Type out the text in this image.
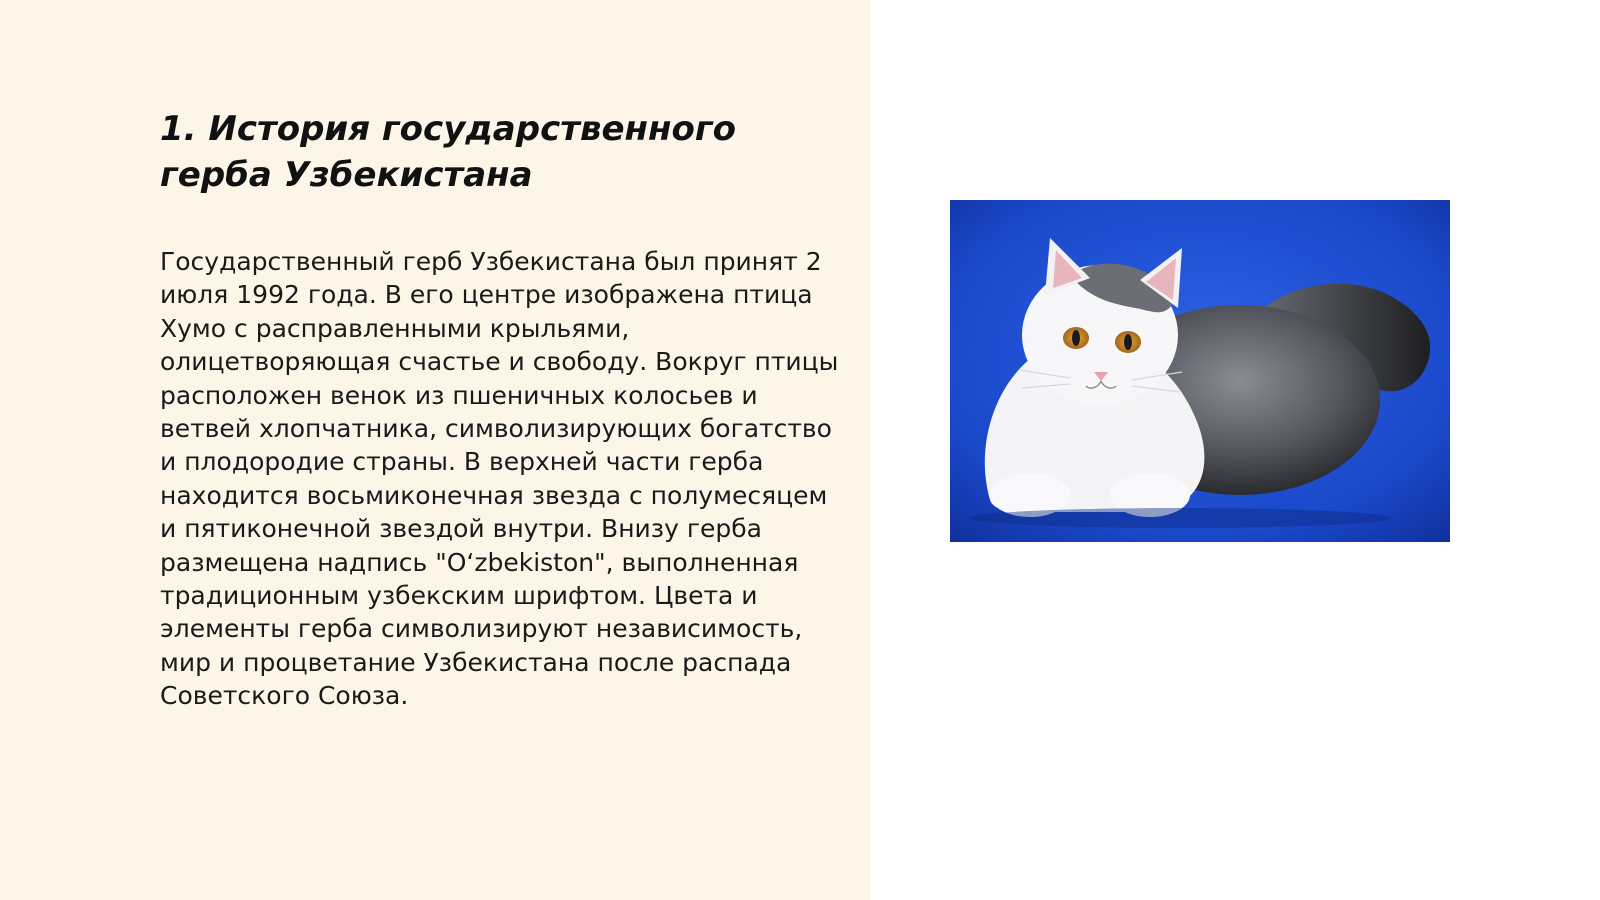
1. История государственного герба Узбекистана

Государственный герб Узбекистана был принят 2 июля 1992 года. В его центре изображена птица Хумо с расправленными крыльями, олицетворяющая счастье и свободу. Вокруг птицы расположен венок из пшеничных колосьев и ветвей хлопчатника, символизирующих богатство и плодородие страны. В верхней части герба находится восьмиконечная звезда с полумесяцем и пятиконечной звездой внутри. Внизу герба размещена надпись "Oʻzbekiston", выполненная традиционным узбекским шрифтом. Цвета и элементы герба символизируют независимость, мир и процветание Узбекистана после распада Советского Союза.
